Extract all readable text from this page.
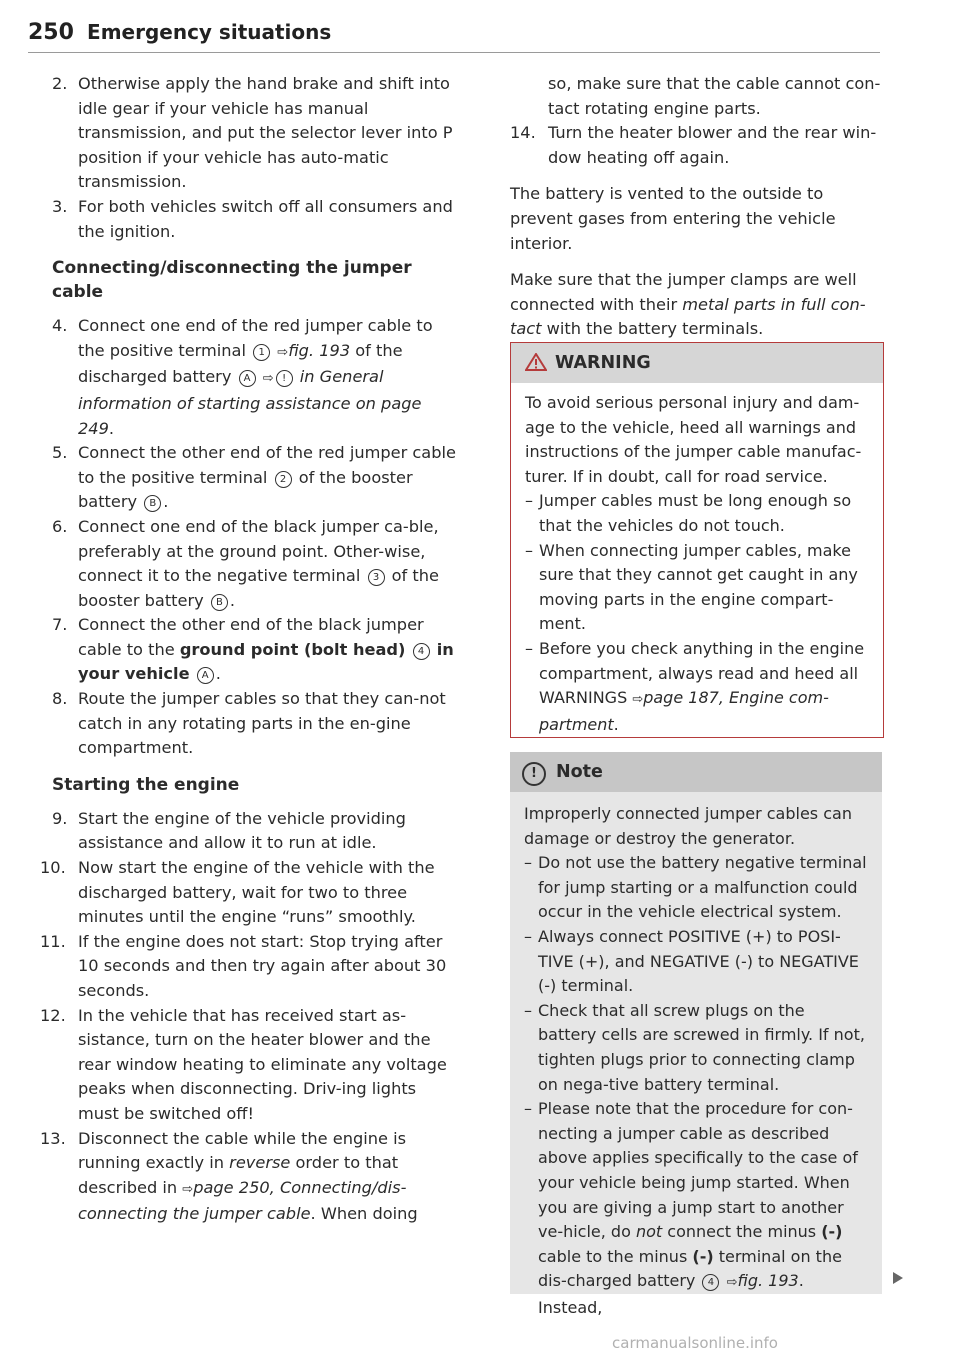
250 Emergency situations
2. Otherwise apply the hand brake and shift into idle gear if your vehicle has manual transmission, and put the selector lever into P position if your vehicle has auto-matic transmission.
3. For both vehicles switch off all consumers and the ignition.
Connecting/disconnecting the jumper cable
4. Connect one end of the red jumper cable to the positive terminal 1 ⇨fig. 193 of the discharged battery A ⇨ ! in General information of starting assistance on page 249.
5. Connect the other end of the red jumper cable to the positive terminal 2 of the booster battery B .
6. Connect one end of the black jumper ca-ble, preferably at the ground point. Other-wise, connect it to the negative terminal 3 of the booster battery B .
7. Connect the other end of the black jumper cable to the ground point (bolt head) 4 in your vehicle A .
8. Route the jumper cables so that they can-not catch in any rotating parts in the en-gine compartment.
Starting the engine
9. Start the engine of the vehicle providing assistance and allow it to run at idle.
10. Now start the engine of the vehicle with the discharged battery, wait for two to three minutes until the engine “runs” smoothly.
11. If the engine does not start: Stop trying after 10 seconds and then try again after about 30 seconds.
12. In the vehicle that has received start as-sistance, turn on the heater blower and the rear window heating to eliminate any voltage peaks when disconnecting. Driv-ing lights must be switched off!
13. Disconnect the cable while the engine is running exactly in reverse order to that described in ⇨page 250, Connecting/dis-connecting the jumper cable. When doing
so, make sure that the cable cannot con-tact rotating engine parts.
14. Turn the heater blower and the rear win-dow heating off again.

The battery is vented to the outside to prevent gases from entering the vehicle interior.

Make sure that the jumper clamps are well connected with their metal parts in full con-tact with the battery terminals.

WARNING
To avoid serious personal injury and dam-age to the vehicle, heed all warnings and instructions of the jumper cable manufac-turer. If in doubt, call for road service.
– Jumper cables must be long enough so that the vehicles do not touch.
– When connecting jumper cables, make sure that they cannot get caught in any moving parts in the engine compart-ment.
– Before you check anything in the engine compartment, always read and heed all WARNINGS ⇨page 187, Engine com-partment.
! Note
Improperly connected jumper cables can damage or destroy the generator.
– Do not use the battery negative terminal for jump starting or a malfunction could occur in the vehicle electrical system.
– Always connect POSITIVE (+) to POSI-TIVE (+), and NEGATIVE (-) to NEGATIVE (-) terminal.
– Check that all screw plugs on the battery cells are screwed in firmly. If not, tighten plugs prior to connecting clamp on nega-tive battery terminal.
– Please note that the procedure for con-necting a jumper cable as described above applies specifically to the case of your vehicle being jump started. When you are giving a jump start to another ve-hicle, do not connect the minus (-) cable to the minus (-) terminal on the dis-charged battery 4 ⇨fig. 193. Instead,
carmanualsonline.info
